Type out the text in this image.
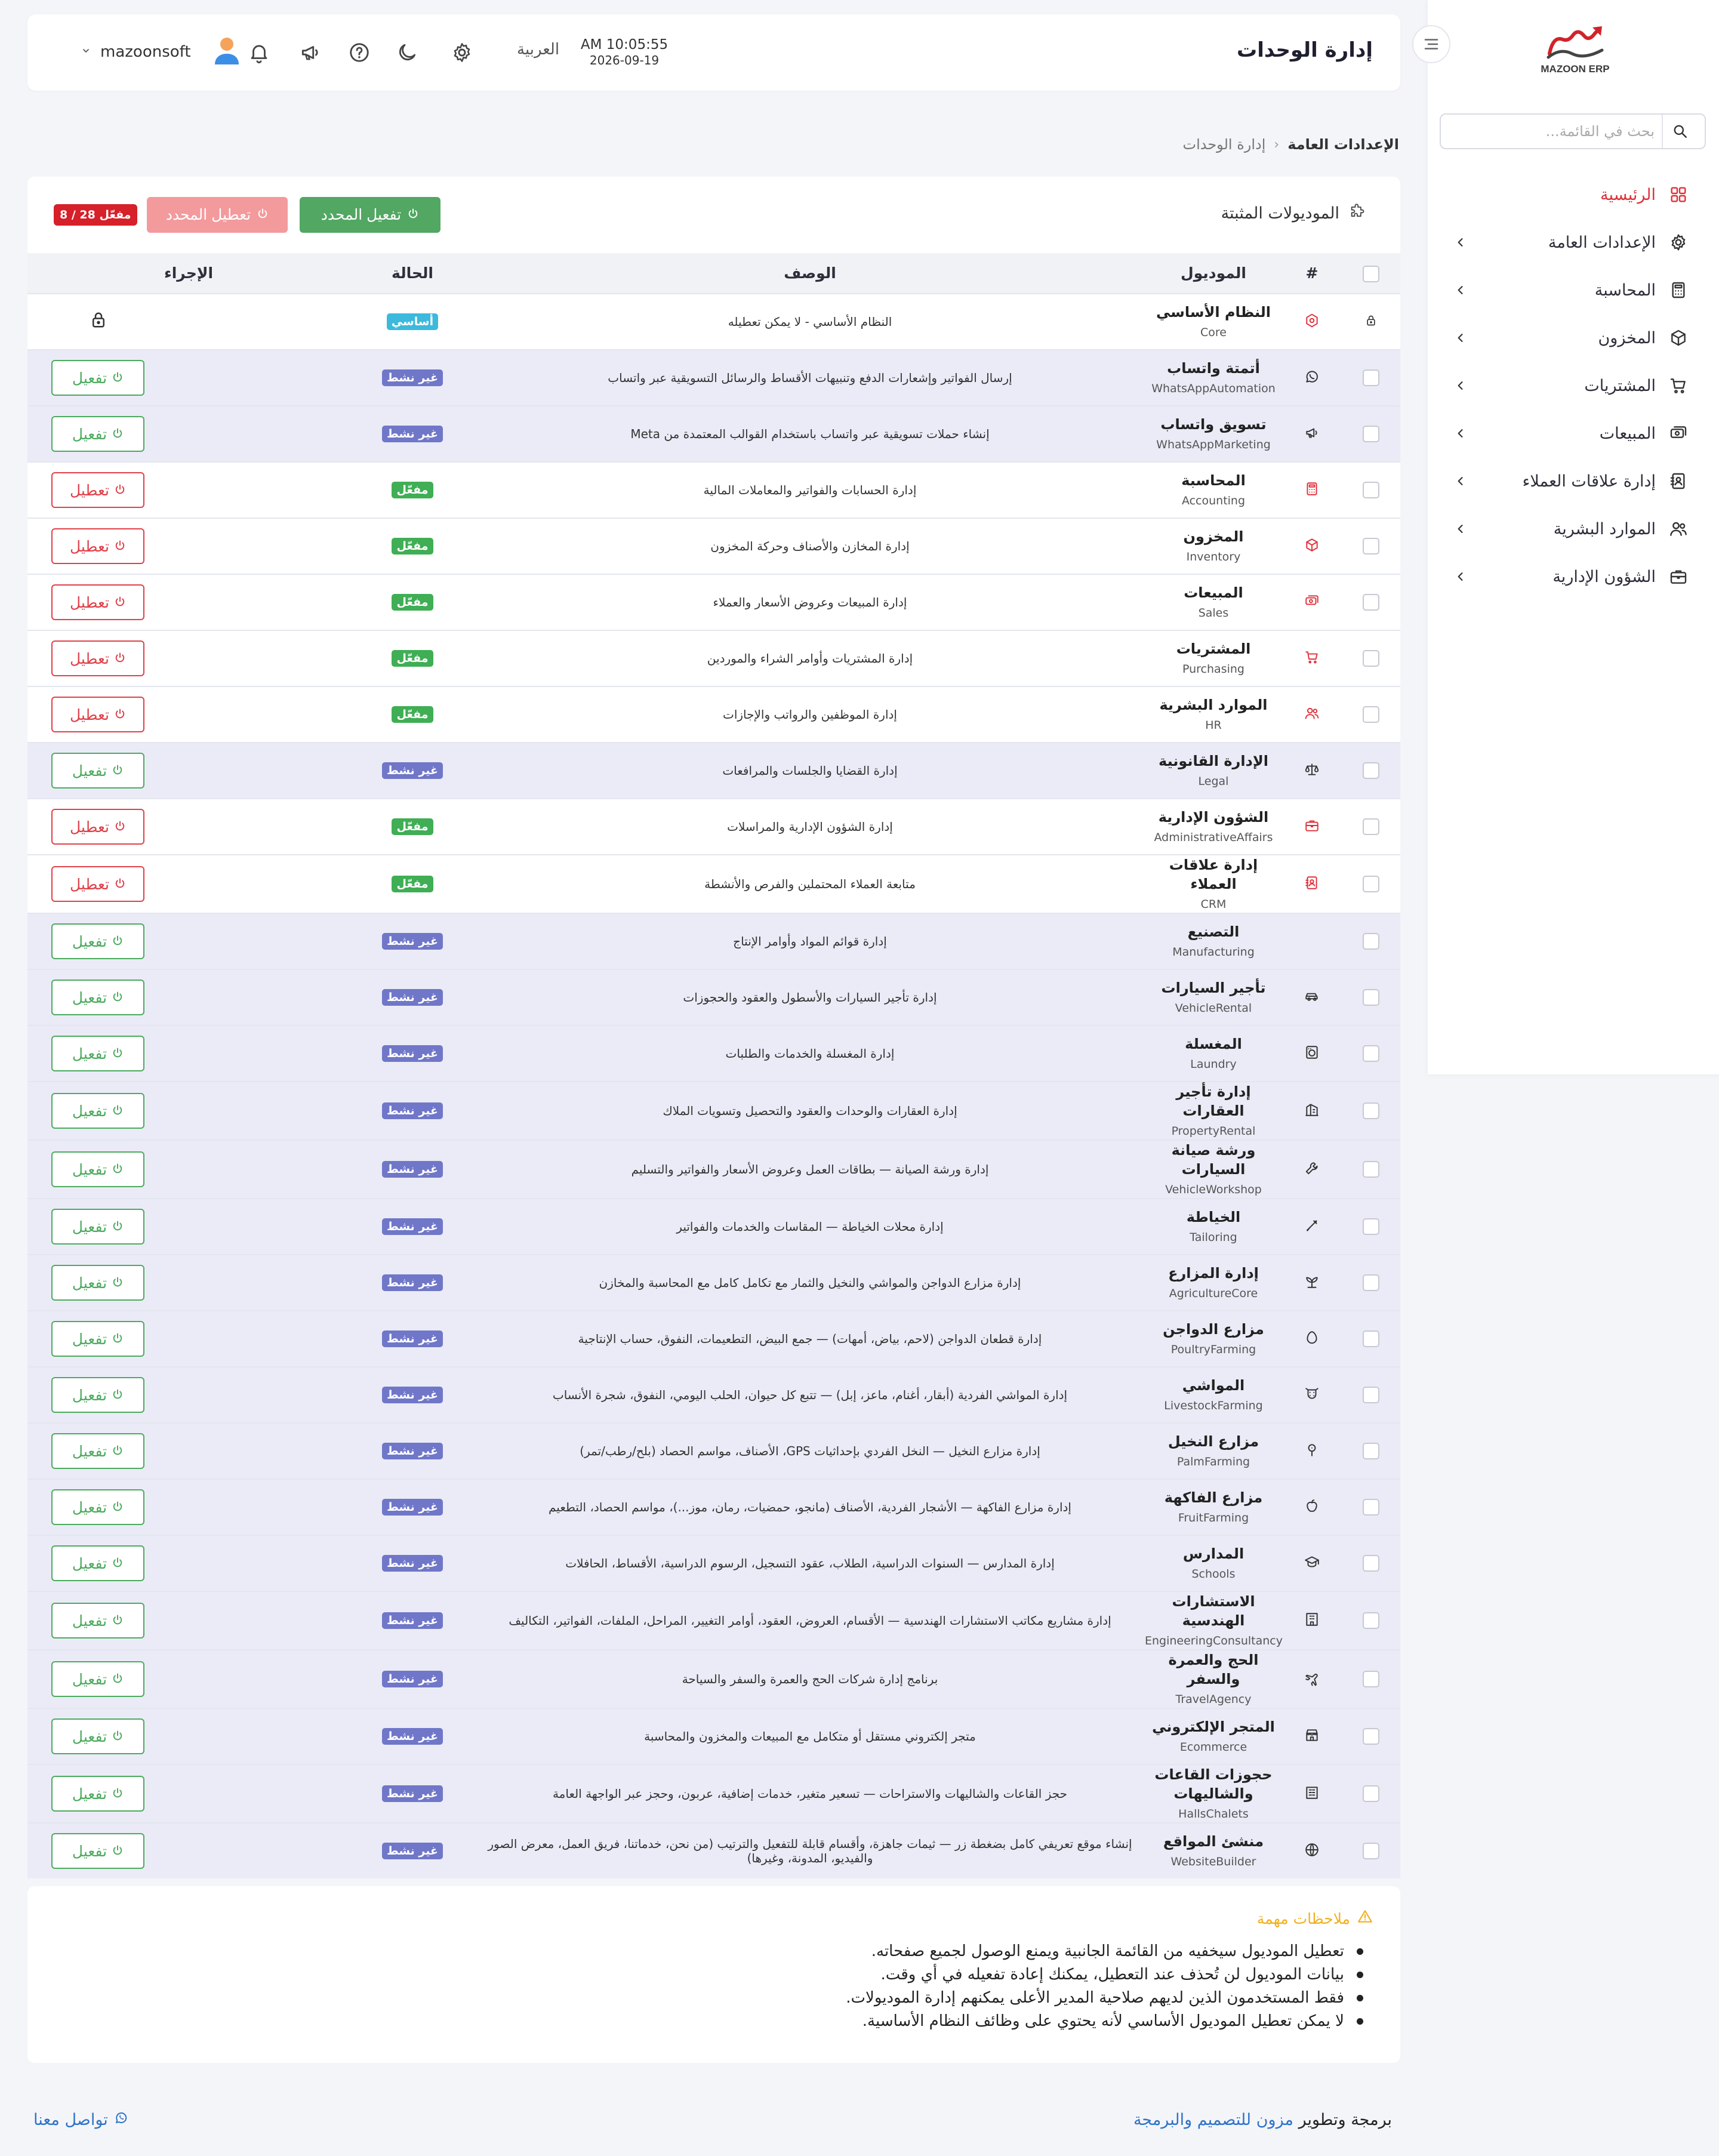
MAZOON ERP
بحث في القائمة...
الرئيسية
الإعدادات العامة
المحاسبة
المخزون
المشتريات
المبيعات
إدارة علاقات العملاء
الموارد البشرية
الشؤون الإدارية
إدارة الوحدات
AM 10:05:55
2026-09-19
العربية
mazoonsoft
الإعدادات العامة
‹
إدارة الوحدات
الموديولات المثبتة
تفعيل المحدد
تعطيل المحدد
8 / 28 مفعّل
الإجراء	الحالة	الوصف	الموديول	#	

	أساسي	النظام الأساسي - لا يمكن تعطيله	النظام الأساسي
Core

تفعيل	غير نشط	إرسال الفواتير وإشعارات الدفع وتنبيهات الأقساط والرسائل التسويقية عبر واتساب	أتمتة واتساب
WhatsAppAutomation

تفعيل	غير نشط	إنشاء حملات تسويقية عبر واتساب باستخدام القوالب المعتمدة من Meta	تسويق واتساب
WhatsAppMarketing

تعطيل	مفعّل	إدارة الحسابات والفواتير والمعاملات المالية	المحاسبة
Accounting

تعطيل	مفعّل	إدارة المخازن والأصناف وحركة المخزون	المخزون
Inventory

تعطيل	مفعّل	إدارة المبيعات وعروض الأسعار والعملاء	المبيعات
Sales

تعطيل	مفعّل	إدارة المشتريات وأوامر الشراء والموردين	المشتريات
Purchasing

تعطيل	مفعّل	إدارة الموظفين والرواتب والإجازات	الموارد البشرية
HR

تفعيل	غير نشط	إدارة القضايا والجلسات والمرافعات	الإدارة القانونية
Legal

تعطيل	مفعّل	إدارة الشؤون الإدارية والمراسلات	الشؤون الإدارية
AdministrativeAffairs

تعطيل	مفعّل	متابعة العملاء المحتملين والفرص والأنشطة	إدارة علاقات العملاء
CRM

تفعيل	غير نشط	إدارة قوائم المواد وأوامر الإنتاج	التصنيع
Manufacturing		

تفعيل	غير نشط	إدارة تأجير السيارات والأسطول والعقود والحجوزات	تأجير السيارات
VehicleRental

تفعيل	غير نشط	إدارة المغسلة والخدمات والطلبات	المغسلة
Laundry

تفعيل	غير نشط	إدارة العقارات والوحدات والعقود والتحصيل وتسويات الملاك	إدارة تأجير العقارات
PropertyRental

تفعيل	غير نشط	إدارة ورشة الصيانة — بطاقات العمل وعروض الأسعار والفواتير والتسليم	ورشة صيانة السيارات
VehicleWorkshop

تفعيل	غير نشط	إدارة محلات الخياطة — المقاسات والخدمات والفواتير	الخياطة
Tailoring

تفعيل	غير نشط	إدارة مزارع الدواجن والمواشي والنخيل والثمار مع تكامل كامل مع المحاسبة والمخازن	إدارة المزارع
AgricultureCore

تفعيل	غير نشط	إدارة قطعان الدواجن (لاحم، بياض، أمهات) — جمع البيض، التطعيمات، النفوق، حساب الإنتاجية	مزارع الدواجن
PoultryFarming

تفعيل	غير نشط	إدارة المواشي الفردية (أبقار، أغنام، ماعز، إبل) — تتبع كل حيوان، الحلب اليومي، النفوق، شجرة الأنساب	المواشي
LivestockFarming

تفعيل	غير نشط	إدارة مزارع النخيل — النخل الفردي بإحداثيات GPS، الأصناف، مواسم الحصاد (بلح/رطب/تمر)	مزارع النخيل
PalmFarming

تفعيل	غير نشط	إدارة مزارع الفاكهة — الأشجار الفردية، الأصناف (مانجو، حمضيات، رمان، موز...)، مواسم الحصاد، التطعيم	مزارع الفاكهة
FruitFarming

تفعيل	غير نشط	إدارة المدارس — السنوات الدراسية، الطلاب، عقود التسجيل، الرسوم الدراسية، الأقساط، الحافلات	المدارس
Schools

تفعيل	غير نشط	إدارة مشاريع مكاتب الاستشارات الهندسية — الأقسام، العروض، العقود، أوامر التغيير، المراحل، الملفات، الفواتير، التكاليف	الاستشارات الهندسية
EngineeringConsultancy

تفعيل	غير نشط	برنامج إدارة شركات الحج والعمرة والسفر والسياحة	الحج والعمرة والسفر
TravelAgency

تفعيل	غير نشط	متجر إلكتروني مستقل أو متكامل مع المبيعات والمخزون والمحاسبة	المتجر الإلكتروني
Ecommerce

تفعيل	غير نشط	حجز القاعات والشاليهات والاستراحات — تسعير متغير، خدمات إضافية، عربون، وحجز عبر الواجهة العامة	حجوزات القاعات والشاليهات
HallsChalets

تفعيل	غير نشط	إنشاء موقع تعريفي كامل بضغطة زر — ثيمات جاهزة، وأقسام قابلة للتفعيل والترتيب (من نحن، خدماتنا، فريق العمل، معرض الصور والفيديو، المدونة، وغيرها)	منشئ المواقع
WebsiteBuilder

ملاحظات مهمة
تعطيل الموديول سيخفيه من القائمة الجانبية ويمنع الوصول لجميع صفحاته.
بيانات الموديول لن تُحذف عند التعطيل، يمكنك إعادة تفعيله في أي وقت.
فقط المستخدمون الذين لديهم صلاحية المدير الأعلى يمكنهم إدارة الموديولات.
لا يمكن تعطيل الموديول الأساسي لأنه يحتوي على وظائف النظام الأساسية.
برمجة وتطوير مزون للتصميم والبرمجة
تواصل معنا
